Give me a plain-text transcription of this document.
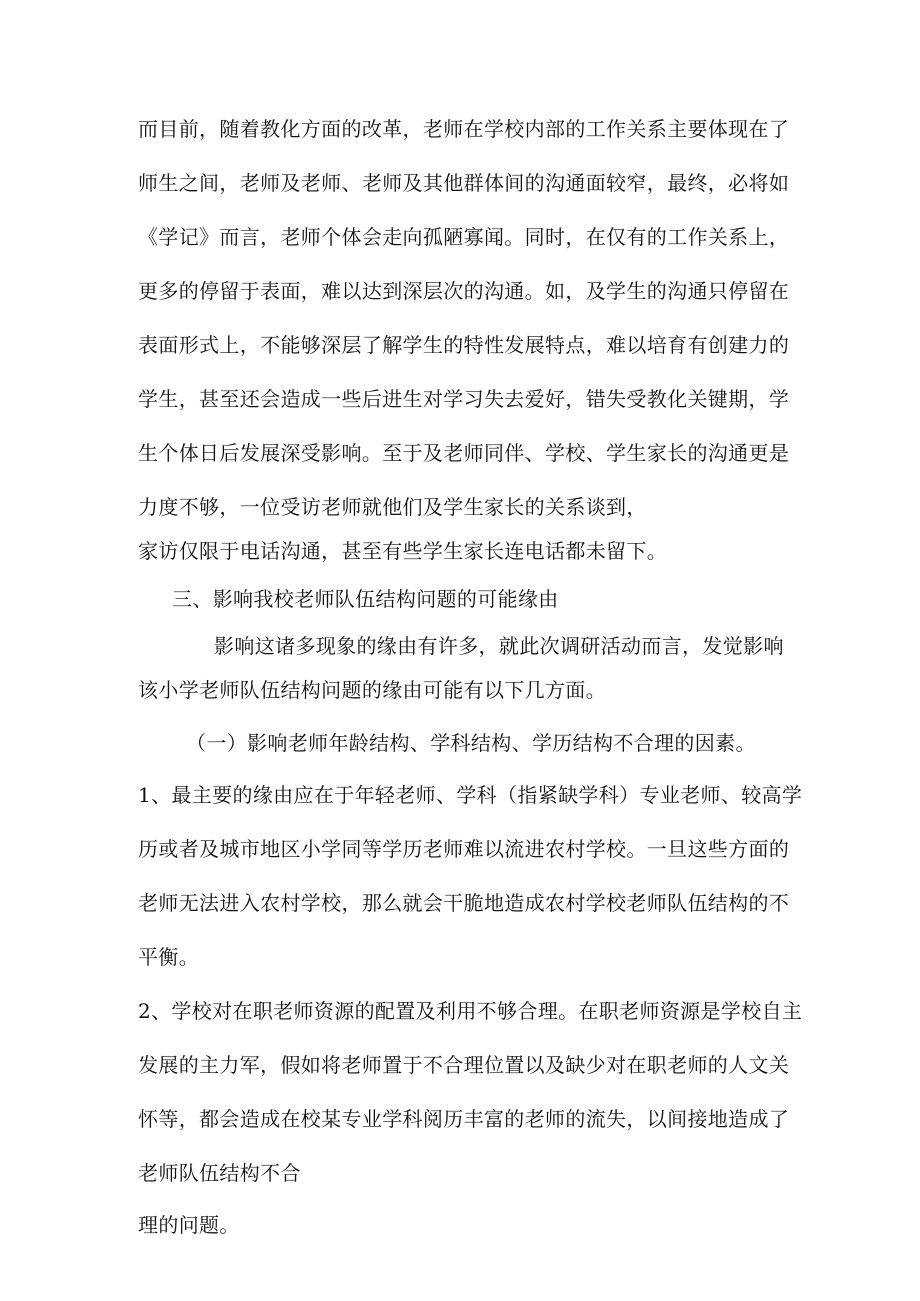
而目前，随着教化方面的改革，老师在学校内部的工作关系主要体现在了
师生之间，老师及老师、老师及其他群体间的沟通面较窄，最终，必将如
《学记》而言，老师个体会走向孤陋寡闻。同时，在仅有的工作关系上，
更多的停留于表面，难以达到深层次的沟通。如，及学生的沟通只停留在
表面形式上，不能够深层了解学生的特性发展特点，难以培育有创建力的
学生，甚至还会造成一些后进生对学习失去爱好，错失受教化关键期，学
生个体日后发展深受影响。至于及老师同伴、学校、学生家长的沟通更是
力度不够，一位受访老师就他们及学生家长的关系谈到，
家访仅限于电话沟通，甚至有些学生家长连电话都未留下。
三、影响我校老师队伍结构问题的可能缘由
影响这诸多现象的缘由有许多，就此次调研活动而言，发觉影响
该小学老师队伍结构问题的缘由可能有以下几方面。
（一）影响老师年龄结构、学科结构、学历结构不合理的因素。
1、最主要的缘由应在于年轻老师、学科（指紧缺学科）专业老师、较高学
历或者及城市地区小学同等学历老师难以流进农村学校。一旦这些方面的
老师无法进入农村学校，那么就会干脆地造成农村学校老师队伍结构的不
平衡。
2、学校对在职老师资源的配置及利用不够合理。在职老师资源是学校自主
发展的主力军，假如将老师置于不合理位置以及缺少对在职老师的人文关
怀等，都会造成在校某专业学科阅历丰富的老师的流失，以间接地造成了
老师队伍结构不合
理的问题。
